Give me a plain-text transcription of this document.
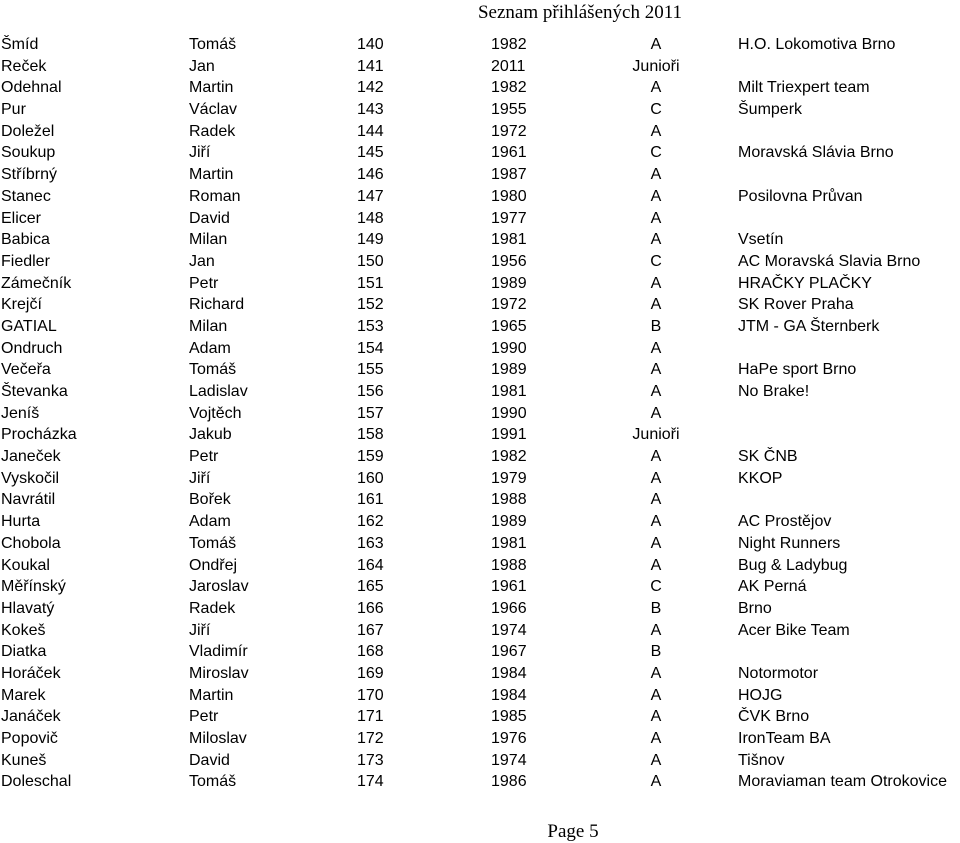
Seznam přihlášených 2011
Šmíd	Tomáš	140	1982	A	H.O. Lokomotiva Brno
Reček	Jan	141	2011	Junioři
Odehnal	Martin	142	1982	A	Milt Triexpert team
Pur	Václav	143	1955	C	Šumperk
Doležel	Radek	144	1972	A
Soukup	Jiří	145	1961	C	Moravská Slávia Brno
Stříbrný	Martin	146	1987	A
Stanec	Roman	147	1980	A	Posilovna Průvan
Elicer	David	148	1977	A
Babica	Milan	149	1981	A	Vsetín
Fiedler	Jan	150	1956	C	AC Moravská Slavia Brno
Zámečník	Petr	151	1989	A	HRAČKY PLAČKY
Krejčí	Richard	152	1972	A	SK Rover Praha
GATIAL	Milan	153	1965	B	JTM - GA Šternberk
Ondruch	Adam	154	1990	A
Večeřa	Tomáš	155	1989	A	HaPe sport Brno
Števanka	Ladislav	156	1981	A	No Brake!
Jeníš	Vojtěch	157	1990	A
Procházka	Jakub	158	1991	Junioři
Janeček	Petr	159	1982	A	SK ČNB
Vyskočil	Jiří	160	1979	A	KKOP
Navrátil	Bořek	161	1988	A
Hurta	Adam	162	1989	A	AC Prostějov
Chobola	Tomáš	163	1981	A	Night Runners
Koukal	Ondřej	164	1988	A	Bug & Ladybug
Měřínský	Jaroslav	165	1961	C	AK Perná
Hlavatý	Radek	166	1966	B	Brno
Kokeš	Jiří	167	1974	A	Acer Bike Team
Diatka	Vladimír	168	1967	B
Horáček	Miroslav	169	1984	A	Notormotor
Marek	Martin	170	1984	A	HOJG
Janáček	Petr	171	1985	A	ČVK Brno
Popovič	Miloslav	172	1976	A	IronTeam BA
Kuneš	David	173	1974	A	Tišnov
Doleschal	Tomáš	174	1986	A	Moraviaman team Otrokovice
Page 5
